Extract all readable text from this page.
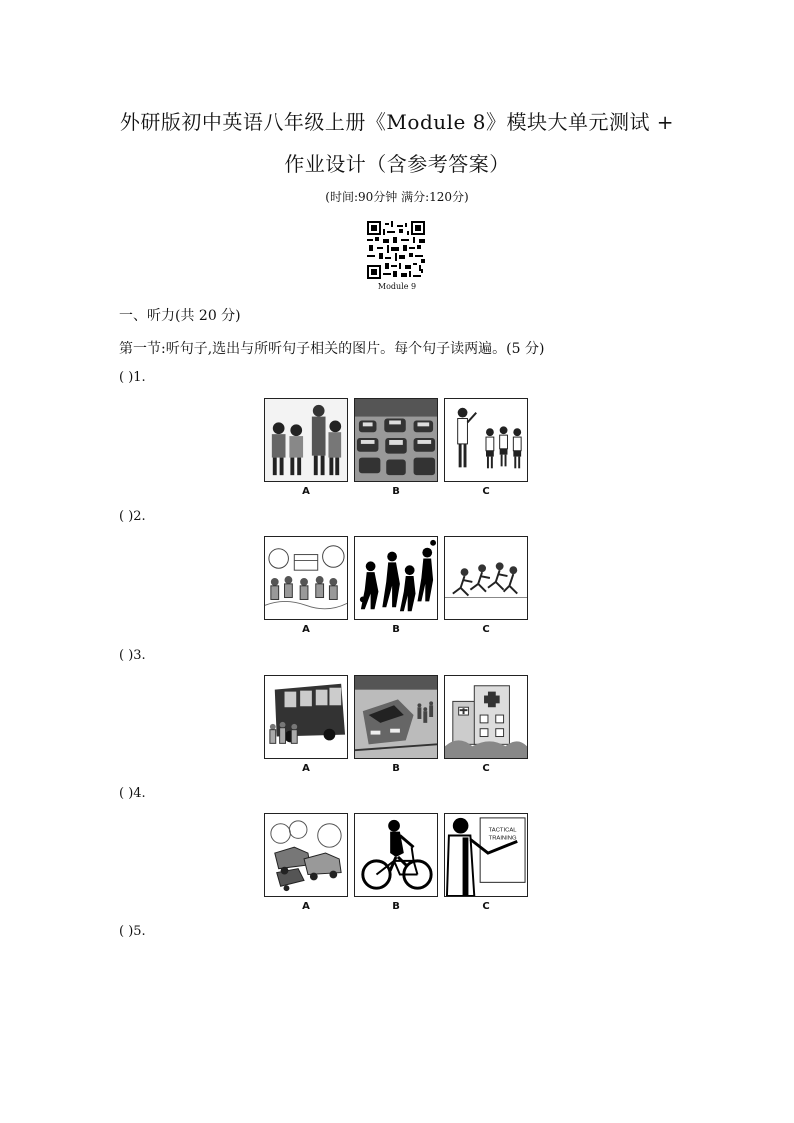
外研版初中英语八年级上册《Module 8》模块大单元测试 +
作业设计（含参考答案）
(时间:90分钟 满分:120分)
Module 9
一、听力(共 20 分)
第一节:听句子,选出与所听句子相关的图片。每个句子读两遍。(5 分)
( )1.
A	B	C
( )2.
A	B	C
( )3.
A	B	C
( )4.
A	B
TACTICAL
TRAINING
C
( )5.
